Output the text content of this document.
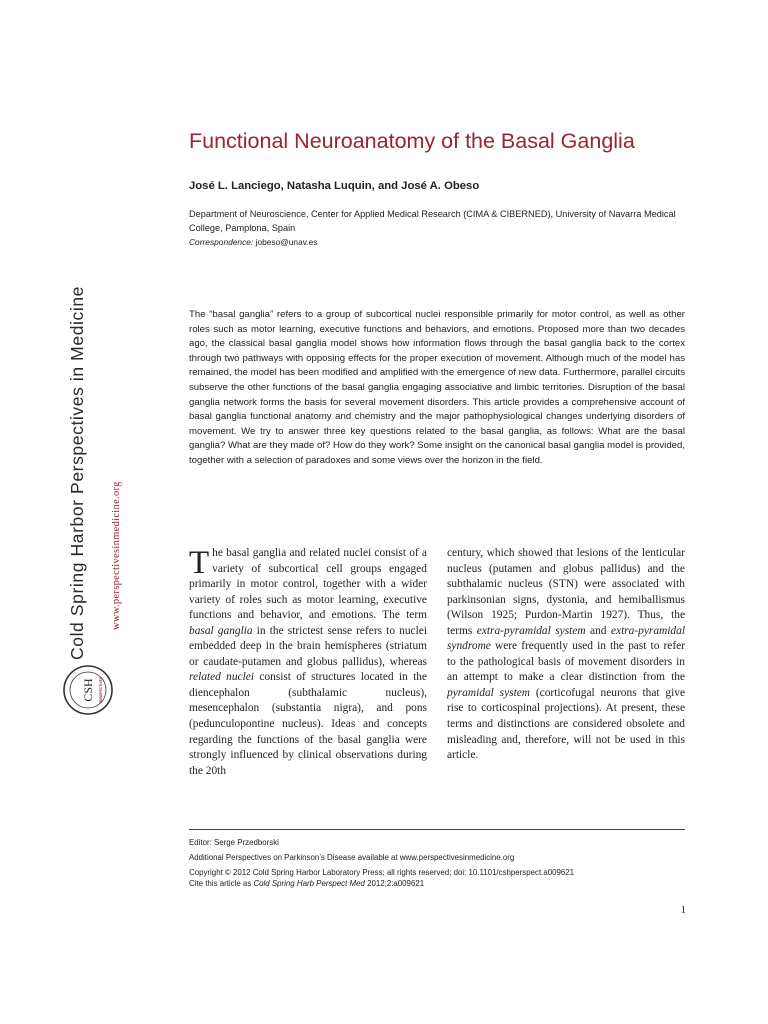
Cold Spring Harbor Perspectives in Medicine	www.perspectivesinmedicine.org
CSH PERSPECTIVES
Functional Neuroanatomy of the Basal Ganglia
José L. Lanciego, Natasha Luquin, and José A. Obeso
Department of Neuroscience, Center for Applied Medical Research (CIMA & CIBERNED), University of Navarra Medical College, Pamplona, Spain
Correspondence: jobeso@unav.es

The “basal ganglia” refers to a group of subcortical nuclei responsible primarily for motor control, as well as other roles such as motor learning, executive functions and behaviors, and emotions. Proposed more than two decades ago, the classical basal ganglia model shows how information flows through the basal ganglia back to the cortex through two pathways with opposing effects for the proper execution of movement. Although much of the model has remained, the model has been modified and amplified with the emergence of new data. Furthermore, parallel circuits subserve the other functions of the basal ganglia engaging associative and limbic territories. Disruption of the basal ganglia network forms the basis for several movement disorders. This article provides a comprehensive account of basal ganglia functional anatomy and chemistry and the major pathophysiological changes underlying disorders of movement. We try to answer three key questions related to the basal ganglia, as follows: What are the basal ganglia? What are they made of? How do they work? Some insight on the canonical basal ganglia model is provided, together with a selection of paradoxes and some views over the horizon in the field.

The basal ganglia and related nuclei consist of a variety of subcortical cell groups engaged primarily in motor control, together with a wider variety of roles such as motor learning, executive functions and behavior, and emotions. The term basal ganglia in the strictest sense refers to nuclei embedded deep in the brain hemispheres (striatum or caudate-putamen and globus pallidus), whereas related nuclei consist of structures located in the diencephalon (subthalamic nucleus), mesencephalon (substantia nigra), and pons (pedunculopontine nucleus). Ideas and concepts regarding the functions of the basal ganglia were strongly influenced by clinical observations during the 20th

century, which showed that lesions of the lenticular nucleus (putamen and globus pallidus) and the subthalamic nucleus (STN) were associated with parkinsonian signs, dystonia, and hemiballismus (Wilson 1925; Purdon-Martin 1927). Thus, the terms extra-pyramidal system and extra-pyramidal syndrome were frequently used in the past to refer to the pathological basis of movement disorders in an attempt to make a clear distinction from the pyramidal system (corticofugal neurons that give rise to corticospinal projections). At present, these terms and distinctions are considered obsolete and misleading and, therefore, will not be used in this article.

Editor: Serge Przedborski
Additional Perspectives on Parkinson’s Disease available at www.perspectivesinmedicine.org
Copyright © 2012 Cold Spring Harbor Laboratory Press; all rights reserved; doi: 10.1101/cshperspect.a009621
Cite this article as Cold Spring Harb Perspect Med 2012;2:a009621
1
